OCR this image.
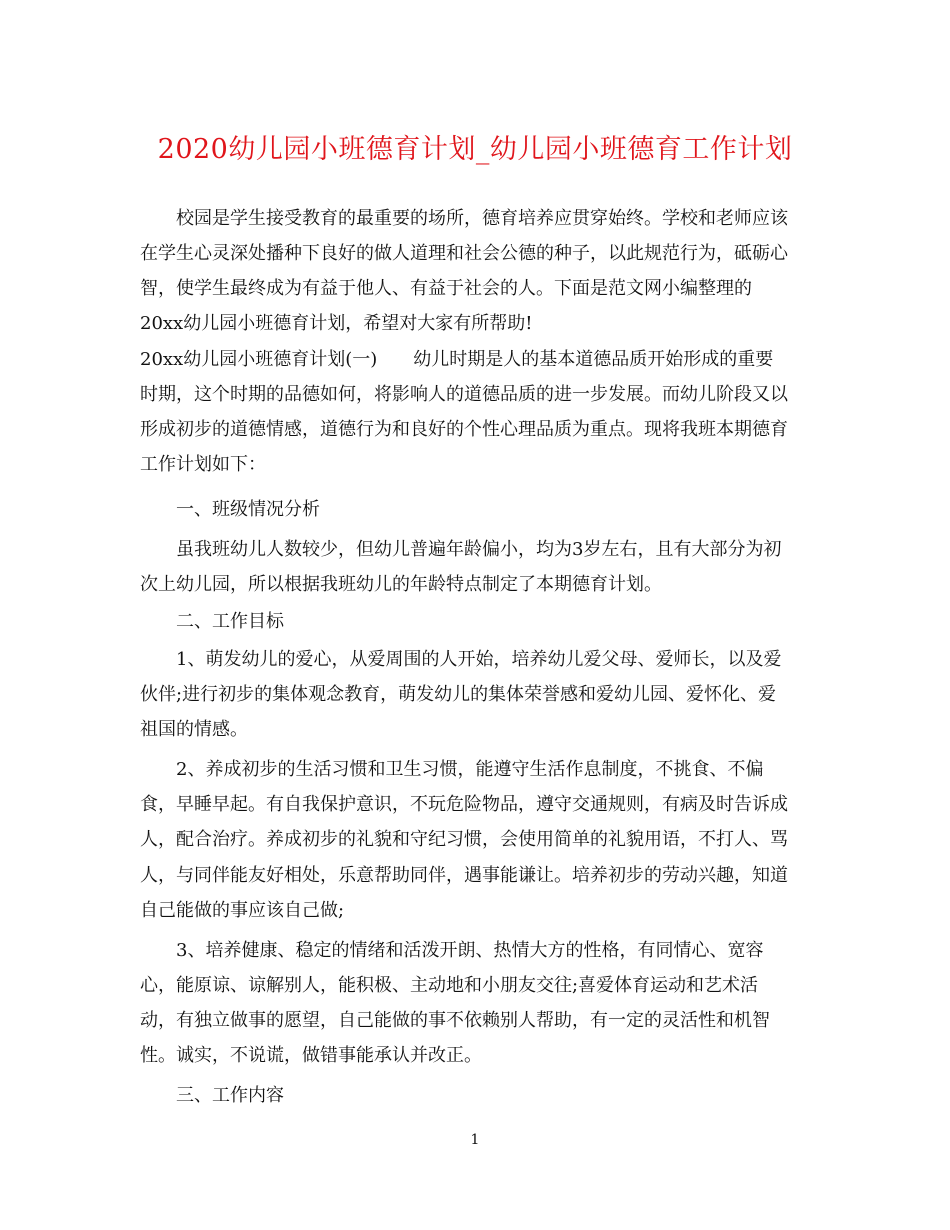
2020幼儿园小班德育计划_幼儿园小班德育工作计划

校园是学生接受教育的最重要的场所，德育培养应贯穿始终。学校和老师应该

在学生心灵深处播种下良好的做人道理和社会公德的种子，以此规范行为，砥砺心

智，使学生最终成为有益于他人、有益于社会的人。下面是范文网小编整理的

20xx幼儿园小班德育计划，希望对大家有所帮助!

20xx幼儿园小班德育计划(一)　　幼儿时期是人的基本道德品质开始形成的重要

时期，这个时期的品德如何，将影响人的道德品质的进一步发展。而幼儿阶段又以

形成初步的道德情感，道德行为和良好的个性心理品质为重点。现将我班本期德育

工作计划如下：

一、班级情况分析

虽我班幼儿人数较少，但幼儿普遍年龄偏小，均为3岁左右，且有大部分为初

次上幼儿园，所以根据我班幼儿的年龄特点制定了本期德育计划。

二、工作目标

1、萌发幼儿的爱心，从爱周围的人开始，培养幼儿爱父母、爱师长，以及爱

伙伴;进行初步的集体观念教育，萌发幼儿的集体荣誉感和爱幼儿园、爱怀化、爱

祖国的情感。

2、养成初步的生活习惯和卫生习惯，能遵守生活作息制度，不挑食、不偏

食，早睡早起。有自我保护意识，不玩危险物品，遵守交通规则，有病及时告诉成

人，配合治疗。养成初步的礼貌和守纪习惯，会使用简单的礼貌用语，不打人、骂

人，与同伴能友好相处，乐意帮助同伴，遇事能谦让。培养初步的劳动兴趣，知道

自己能做的事应该自己做;

3、培养健康、稳定的情绪和活泼开朗、热情大方的性格，有同情心、宽容

心，能原谅、谅解别人，能积极、主动地和小朋友交往;喜爱体育运动和艺术活

动，有独立做事的愿望，自己能做的事不依赖别人帮助，有一定的灵活性和机智

性。诚实，不说谎，做错事能承认并改正。

三、工作内容

1
